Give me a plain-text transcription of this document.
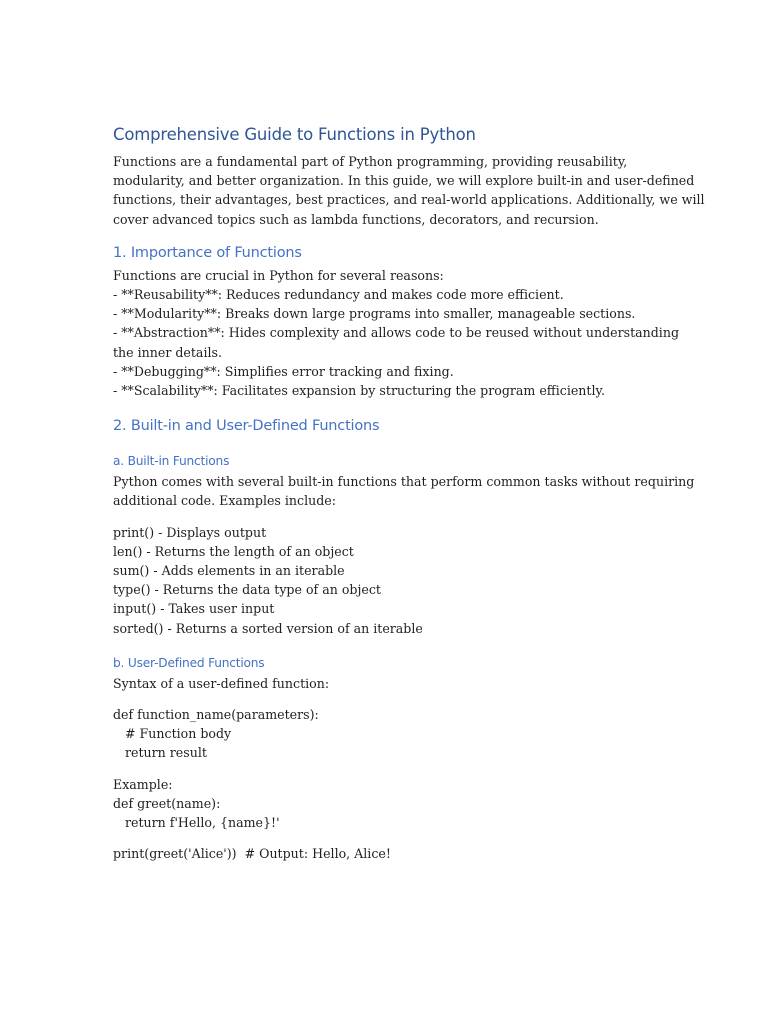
Comprehensive Guide to Functions in Python

Functions are a fundamental part of Python programming, providing reusability,
modularity, and better organization. In this guide, we will explore built-in and user-defined
functions, their advantages, best practices, and real-world applications. Additionally, we will
cover advanced topics such as lambda functions, decorators, and recursion.

1. Importance of Functions

Functions are crucial in Python for several reasons:
- **Reusability**: Reduces redundancy and makes code more efficient.
- **Modularity**: Breaks down large programs into smaller, manageable sections.
- **Abstraction**: Hides complexity and allows code to be reused without understanding
the inner details.
- **Debugging**: Simplifies error tracking and fixing.
- **Scalability**: Facilitates expansion by structuring the program efficiently.

2. Built-in and User-Defined Functions
a. Built-in Functions

Python comes with several built-in functions that perform common tasks without requiring
additional code. Examples include:

print() - Displays output
len() - Returns the length of an object
sum() - Adds elements in an iterable
type() - Returns the data type of an object
input() - Takes user input
sorted() - Returns a sorted version of an iterable

b. User-Defined Functions

Syntax of a user-defined function:

def function_name(parameters):
# Function body
return result

Example:
def greet(name):
return f'Hello, {name}!'

print(greet('Alice'))  # Output: Hello, Alice!
